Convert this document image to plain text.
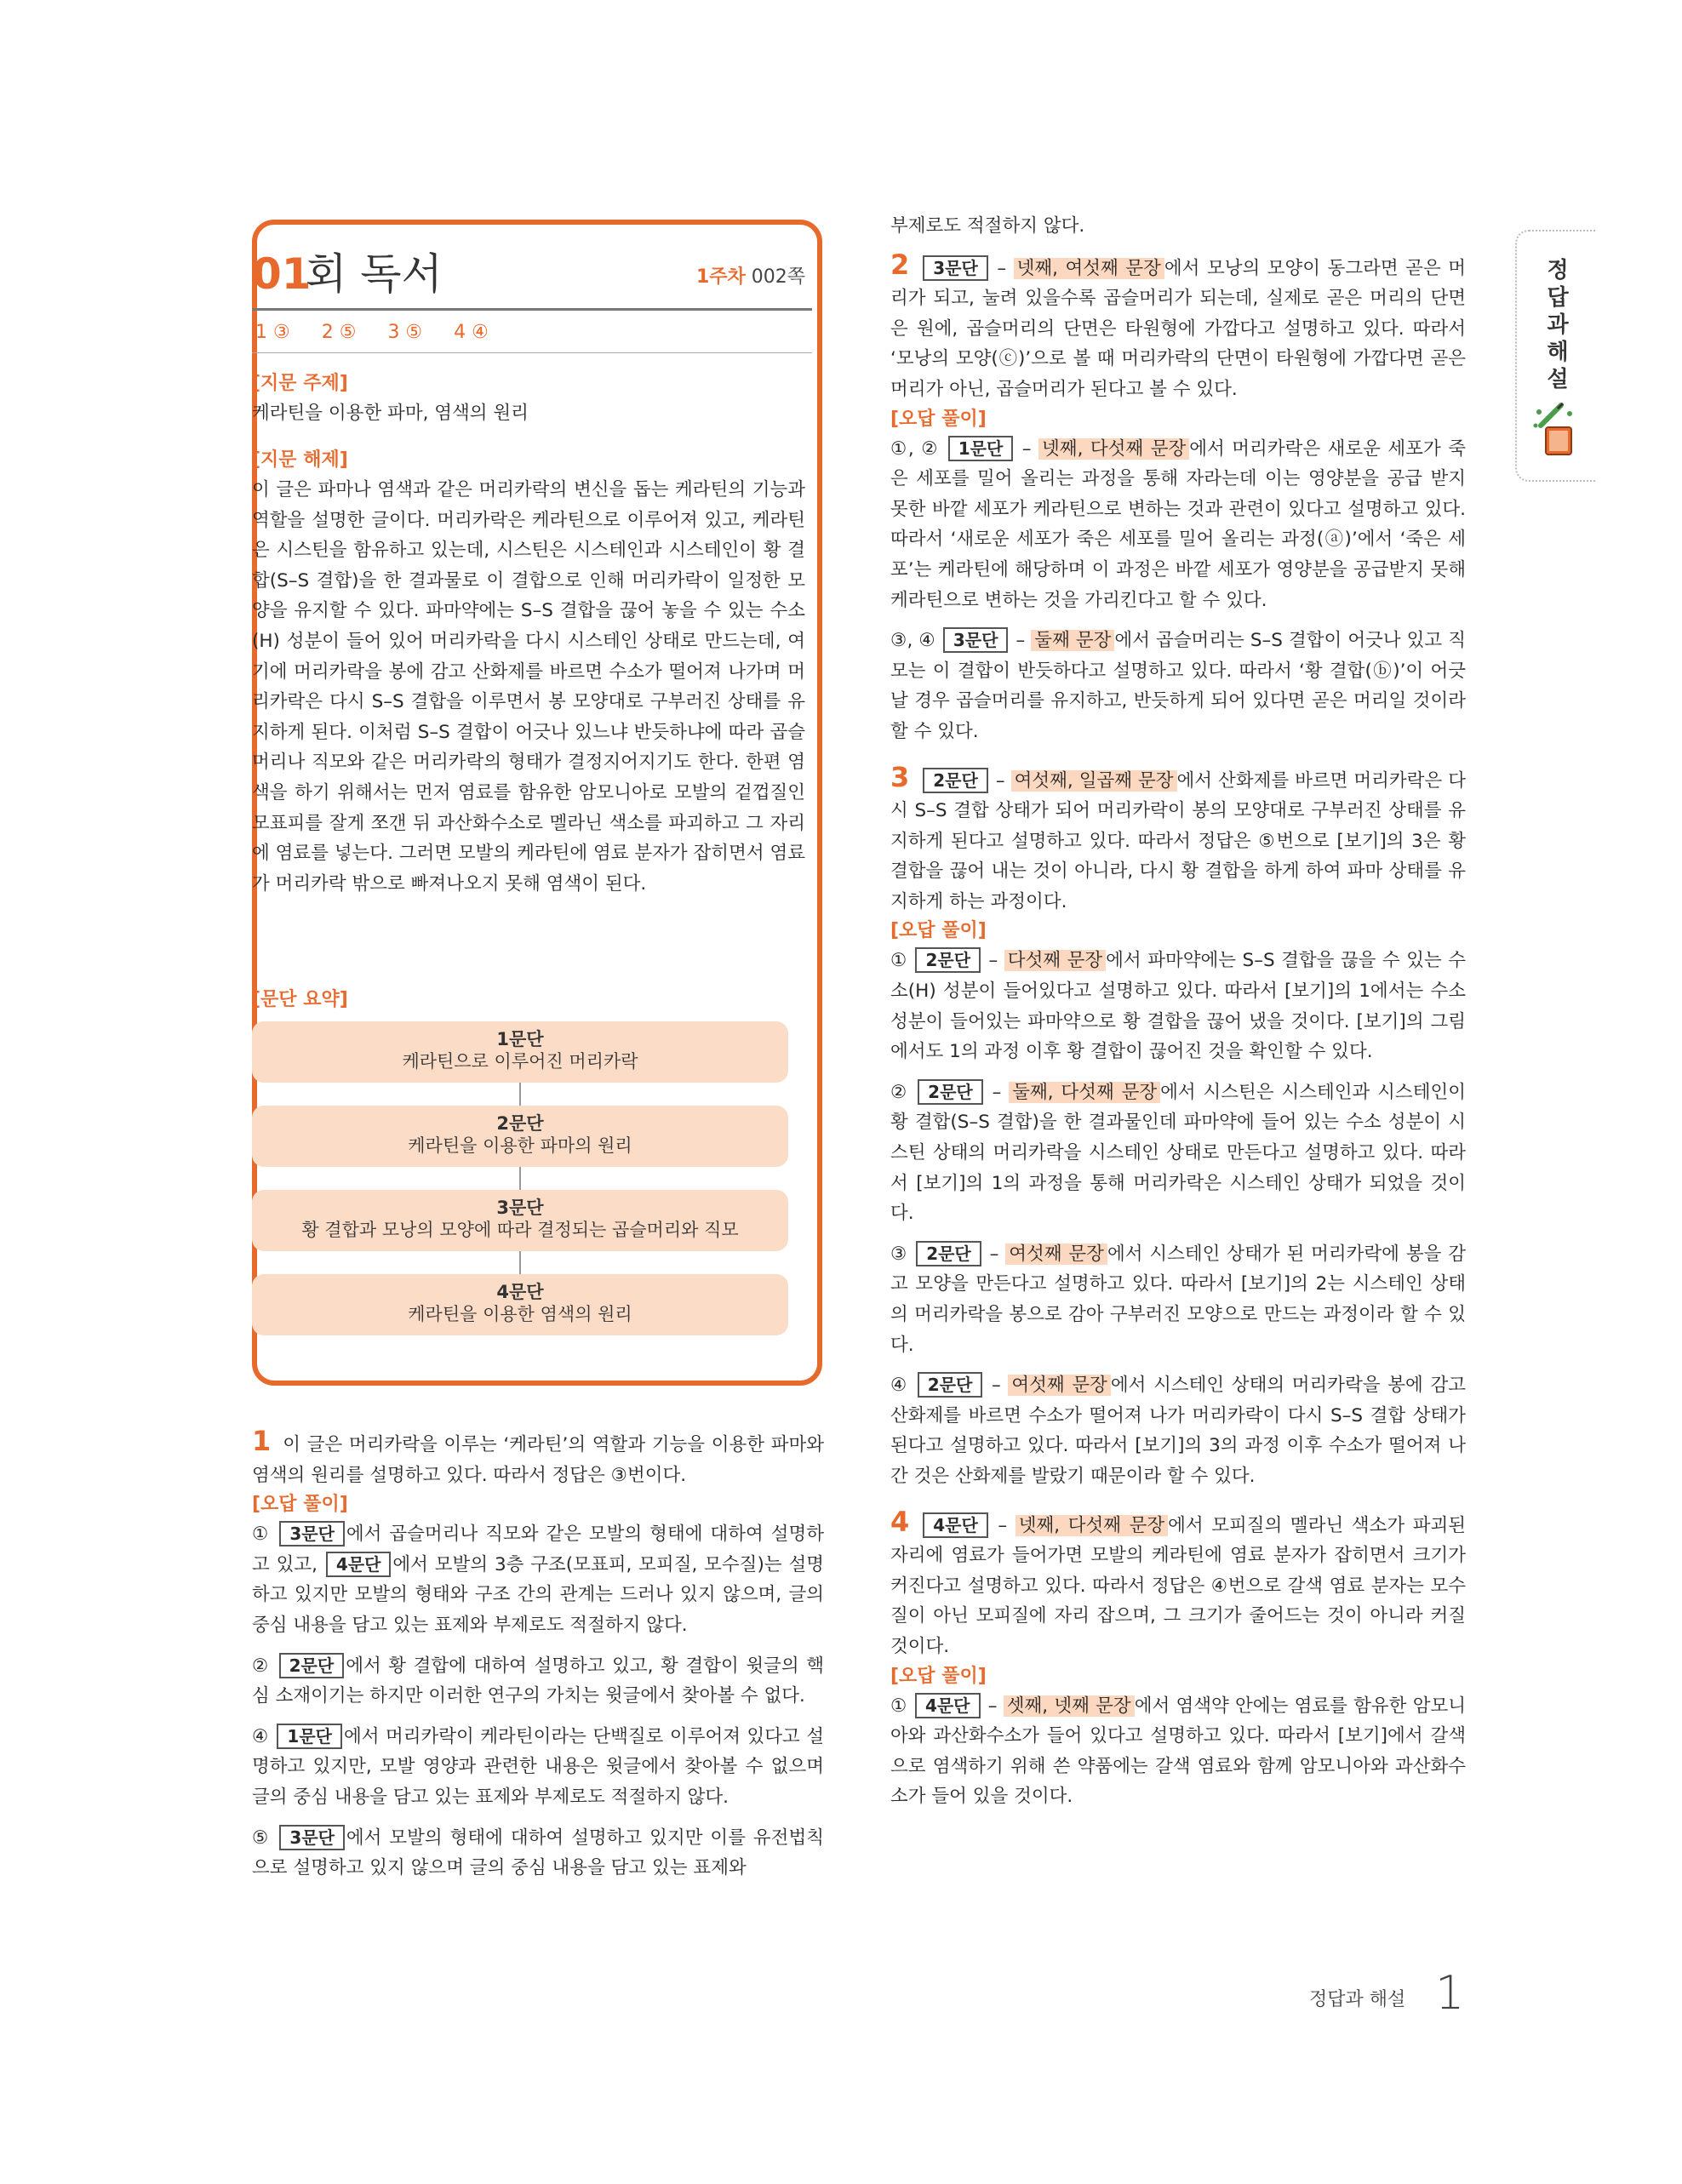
01
회 독서	1주차 002쪽
1 ③ 2 ⑤ 3 ⑤ 4 ④
[지문 주제]

케라틴을 이용한 파마, 염색의 원리

[지문 해제]

이 글은 파마나 염색과 같은 머리카락의 변신을 돕는 케라틴의 기능과 역할을 설명한 글이다. 머리카락은 케라틴으로 이루어져 있고, 케라틴은 시스틴을 함유하고 있는데, 시스틴은 시스테인과 시스테인이 황 결합(S–S 결합)을 한 결과물로 이 결합으로 인해 머리카락이 일정한 모양을 유지할 수 있다. 파마약에는 S–S 결합을 끊어 놓을 수 있는 수소(H) 성분이 들어 있어 머리카락을 다시 시스테인 상태로 만드는데, 여기에 머리카락을 봉에 감고 산화제를 바르면 수소가 떨어져 나가며 머리카락은 다시 S–S 결합을 이루면서 봉 모양대로 구부러진 상태를 유지하게 된다. 이처럼 S–S 결합이 어긋나 있느냐 반듯하냐에 따라 곱슬머리나 직모와 같은 머리카락의 형태가 결정지어지기도 한다. 한편 염색을 하기 위해서는 먼저 염료를 함유한 암모니아로 모발의 겉껍질인 모표피를 잘게 쪼갠 뒤 과산화수소로 멜라닌 색소를 파괴하고 그 자리에 염료를 넣는다. 그러면 모발의 케라틴에 염료 분자가 잡히면서 염료가 머리카락 밖으로 빠져나오지 못해 염색이 된다.

[문단 요약]
1문단
케라틴으로 이루어진 머리카락
2문단
케라틴을 이용한 파마의 원리
3문단
황 결합과 모낭의 모양에 따라 결정되는 곱슬머리와 직모
4문단
케라틴을 이용한 염색의 원리

1 이 글은 머리카락을 이루는 ‘케라틴’의 역할과 기능을 이용한 파마와 염색의 원리를 설명하고 있다. 따라서 정답은 ③번이다.

[오답 풀이]

① 3문단 에서 곱슬머리나 직모와 같은 모발의 형태에 대하여 설명하고 있고, 4문단 에서 모발의 3층 구조(모표피, 모피질, 모수질)는 설명하고 있지만 모발의 형태와 구조 간의 관계는 드러나 있지 않으며, 글의 중심 내용을 담고 있는 표제와 부제로도 적절하지 않다.

② 2문단 에서 황 결합에 대하여 설명하고 있고, 황 결합이 윗글의 핵심 소재이기는 하지만 이러한 연구의 가치는 윗글에서 찾아볼 수 없다.

④ 1문단 에서 머리카락이 케라틴이라는 단백질로 이루어져 있다고 설명하고 있지만, 모발 영양과 관련한 내용은 윗글에서 찾아볼 수 없으며 글의 중심 내용을 담고 있는 표제와 부제로도 적절하지 않다.

⑤ 3문단 에서 모발의 형태에 대하여 설명하고 있지만 이를 유전법칙으로 설명하고 있지 않으며 글의 중심 내용을 담고 있는 표제와

부제로도 적절하지 않다.

2 3문단 – 넷째, 여섯째 문장 에서 모낭의 모양이 동그라면 곧은 머리가 되고, 눌려 있을수록 곱슬머리가 되는데, 실제로 곧은 머리의 단면은 원에, 곱슬머리의 단면은 타원형에 가깝다고 설명하고 있다. 따라서 ‘모낭의 모양(ⓒ)’으로 볼 때 머리카락의 단면이 타원형에 가깝다면 곧은 머리가 아닌, 곱슬머리가 된다고 볼 수 있다.

[오답 풀이]

①, ② 1문단 – 넷째, 다섯째 문장 에서 머리카락은 새로운 세포가 죽은 세포를 밀어 올리는 과정을 통해 자라는데 이는 영양분을 공급 받지 못한 바깥 세포가 케라틴으로 변하는 것과 관련이 있다고 설명하고 있다. 따라서 ‘새로운 세포가 죽은 세포를 밀어 올리는 과정(ⓐ)’에서 ‘죽은 세포’는 케라틴에 해당하며 이 과정은 바깥 세포가 영양분을 공급받지 못해 케라틴으로 변하는 것을 가리킨다고 할 수 있다.

③, ④ 3문단 – 둘째 문장 에서 곱슬머리는 S–S 결합이 어긋나 있고 직모는 이 결합이 반듯하다고 설명하고 있다. 따라서 ‘황 결합(ⓑ)’이 어긋날 경우 곱슬머리를 유지하고, 반듯하게 되어 있다면 곧은 머리일 것이라 할 수 있다.

3 2문단 – 여섯째, 일곱째 문장 에서 산화제를 바르면 머리카락은 다시 S–S 결합 상태가 되어 머리카락이 봉의 모양대로 구부러진 상태를 유지하게 된다고 설명하고 있다. 따라서 정답은 ⑤번으로 [보기]의 3은 황 결합을 끊어 내는 것이 아니라, 다시 황 결합을 하게 하여 파마 상태를 유지하게 하는 과정이다.

[오답 풀이]

① 2문단 – 다섯째 문장 에서 파마약에는 S–S 결합을 끊을 수 있는 수소(H) 성분이 들어있다고 설명하고 있다. 따라서 [보기]의 1에서는 수소 성분이 들어있는 파마약으로 황 결합을 끊어 냈을 것이다. [보기]의 그림에서도 1의 과정 이후 황 결합이 끊어진 것을 확인할 수 있다.

② 2문단 – 둘째, 다섯째 문장 에서 시스틴은 시스테인과 시스테인이 황 결합(S–S 결합)을 한 결과물인데 파마약에 들어 있는 수소 성분이 시스틴 상태의 머리카락을 시스테인 상태로 만든다고 설명하고 있다. 따라서 [보기]의 1의 과정을 통해 머리카락은 시스테인 상태가 되었을 것이다.

③ 2문단 – 여섯째 문장 에서 시스테인 상태가 된 머리카락에 봉을 감고 모양을 만든다고 설명하고 있다. 따라서 [보기]의 2는 시스테인 상태의 머리카락을 봉으로 감아 구부러진 모양으로 만드는 과정이라 할 수 있다.

④ 2문단 – 여섯째 문장 에서 시스테인 상태의 머리카락을 봉에 감고 산화제를 바르면 수소가 떨어져 나가 머리카락이 다시 S–S 결합 상태가 된다고 설명하고 있다. 따라서 [보기]의 3의 과정 이후 수소가 떨어져 나간 것은 산화제를 발랐기 때문이라 할 수 있다.

4 4문단 – 넷째, 다섯째 문장 에서 모피질의 멜라닌 색소가 파괴된 자리에 염료가 들어가면 모발의 케라틴에 염료 분자가 잡히면서 크기가 커진다고 설명하고 있다. 따라서 정답은 ④번으로 갈색 염료 분자는 모수질이 아닌 모피질에 자리 잡으며, 그 크기가 줄어드는 것이 아니라 커질 것이다.

[오답 풀이]

① 4문단 – 셋째, 넷째 문장 에서 염색약 안에는 염료를 함유한 암모니아와 과산화수소가 들어 있다고 설명하고 있다. 따라서 [보기]에서 갈색으로 염색하기 위해 쓴 약품에는 갈색 염료와 함께 암모니아와 과산화수소가 들어 있을 것이다.

정답과 해설
정답과 해설 1
